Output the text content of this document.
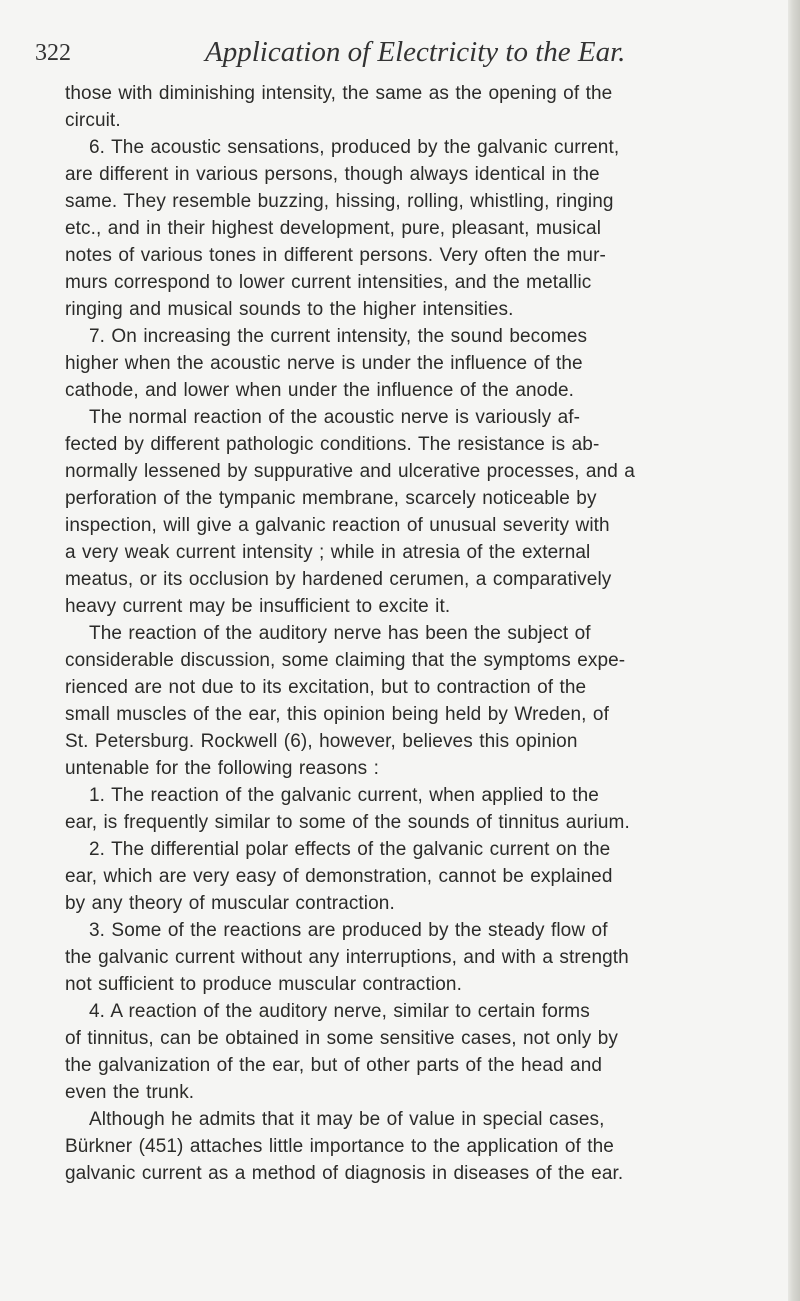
322	Application of Electricity to the Ear.
those with diminishing intensity, the same as the opening of the
circuit.
6. The acoustic sensations, produced by the galvanic current,
are different in various persons, though always identical in the
same. They resemble buzzing, hissing, rolling, whistling, ringing
etc., and in their highest development, pure, pleasant, musical
notes of various tones in different persons. Very often the mur-
murs correspond to lower current intensities, and the metallic
ringing and musical sounds to the higher intensities.
7. On increasing the current intensity, the sound becomes
higher when the acoustic nerve is under the influence of the
cathode, and lower when under the influence of the anode.
The normal reaction of the acoustic nerve is variously af-
fected by different pathologic conditions. The resistance is ab-
normally lessened by suppurative and ulcerative processes, and a
perforation of the tympanic membrane, scarcely noticeable by
inspection, will give a galvanic reaction of unusual severity with
a very weak current intensity ; while in atresia of the external
meatus, or its occlusion by hardened cerumen, a comparatively
heavy current may be insufficient to excite it.
The reaction of the auditory nerve has been the subject of
considerable discussion, some claiming that the symptoms expe-
rienced are not due to its excitation, but to contraction of the
small muscles of the ear, this opinion being held by Wreden, of
St. Petersburg. Rockwell (6), however, believes this opinion
untenable for the following reasons :
1. The reaction of the galvanic current, when applied to the
ear, is frequently similar to some of the sounds of tinnitus aurium.
2. The differential polar effects of the galvanic current on the
ear, which are very easy of demonstration, cannot be explained
by any theory of muscular contraction.
3. Some of the reactions are produced by the steady flow of
the galvanic current without any interruptions, and with a strength
not sufficient to produce muscular contraction.
4. A reaction of the auditory nerve, similar to certain forms
of tinnitus, can be obtained in some sensitive cases, not only by
the galvanization of the ear, but of other parts of the head and
even the trunk.
Although he admits that it may be of value in special cases,
Bürkner (451) attaches little importance to the application of the
galvanic current as a method of diagnosis in diseases of the ear.
